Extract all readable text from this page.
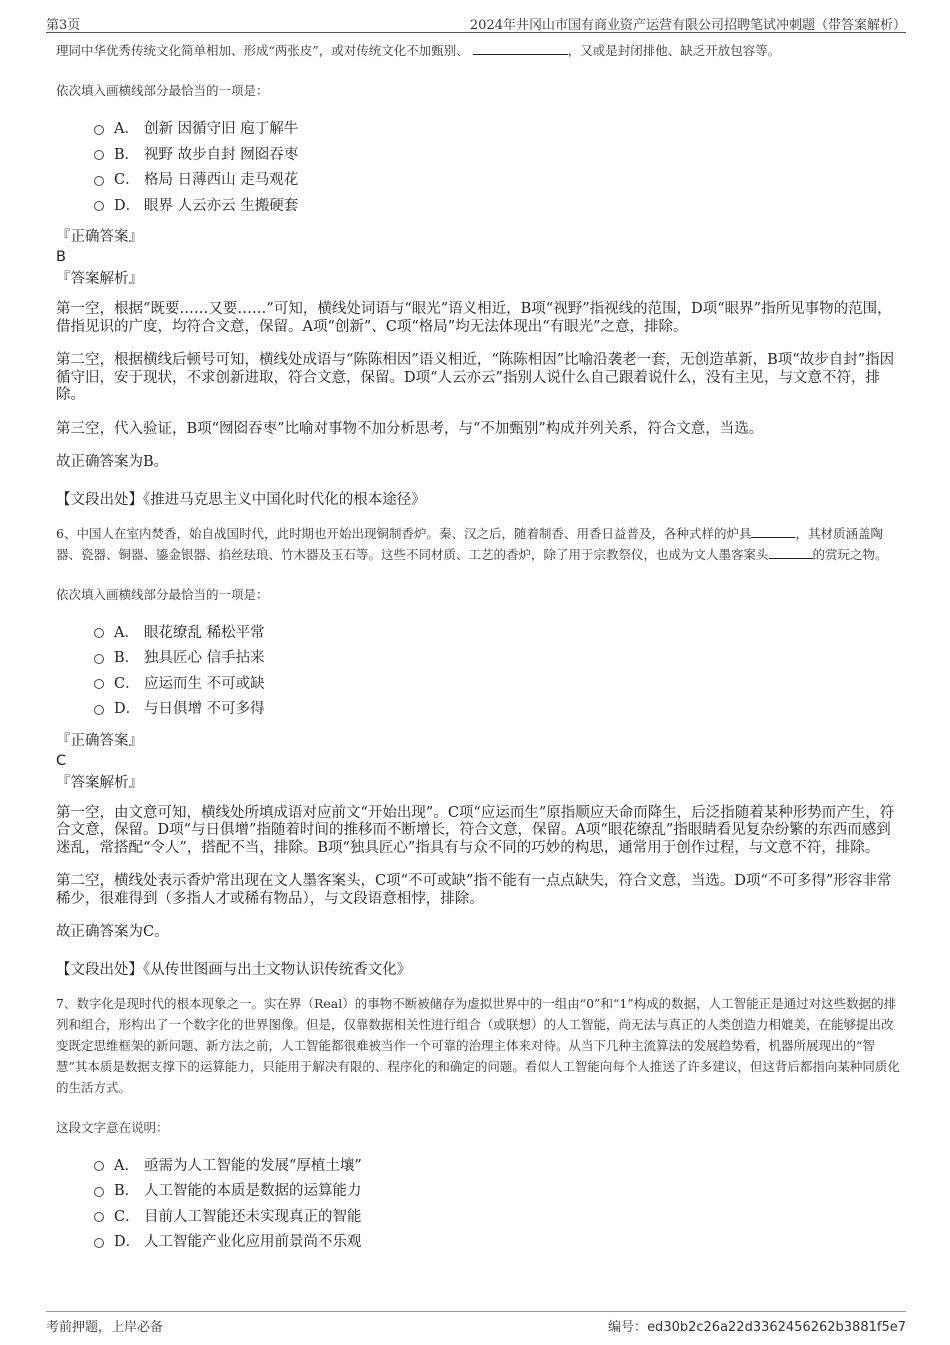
第3页	2024年井冈山市国有商业资产运营有限公司招聘笔试冲刺题（带答案解析）

理同中华优秀传统文化简单相加、形成“两张皮”，或对传统文化不加甄别、	，又或是封闭排他、缺乏开放包容等。

依次填入画横线部分最恰当的一项是：

A． 创新 因循守旧 庖丁解牛
B． 视野 故步自封 囫囵吞枣
C． 格局 日薄西山 走马观花
D． 眼界 人云亦云 生搬硬套
『正确答案』
B
『答案解析』

第一空，根据“既要……又要……”可知，横线处词语与“眼光”语义相近，B项“视野”指视线的范围，D项“眼界”指所见事物的范围，借指见识的广度，均符合文意，保留。A项“创新”、C项“格局”均无法体现出“有眼光”之意，排除。

第二空，根据横线后顿号可知，横线处成语与“陈陈相因”语义相近，“陈陈相因”比喻沿袭老一套，无创造革新，B项“故步自封”指因循守旧，安于现状，不求创新进取，符合文意，保留。D项“人云亦云”指别人说什么自己跟着说什么，没有主见，与文意不符，排除。

第三空，代入验证，B项“囫囵吞枣”比喻对事物不加分析思考，与“不加甄别”构成并列关系，符合文意，当选。

故正确答案为B。

【文段出处】《推进马克思主义中国化时代化的根本途径》

6、中国人在室内焚香，始自战国时代，此时期也开始出现铜制香炉。秦、汉之后，随着制香、用香日益普及，各种式样的炉具	，其材质涵盖陶器、瓷器、铜器、鎏金银器、掐丝珐琅、竹木器及玉石等。这些不同材质、工艺的香炉，除了用于宗教祭仪，也成为文人墨客案头	的赏玩之物。

依次填入画横线部分最恰当的一项是：

A． 眼花缭乱 稀松平常
B． 独具匠心 信手拈来
C． 应运而生 不可或缺
D． 与日俱增 不可多得
『正确答案』
C
『答案解析』

第一空，由文意可知，横线处所填成语对应前文“开始出现”。C项“应运而生”原指顺应天命而降生，后泛指随着某种形势而产生，符合文意，保留。D项“与日俱增”指随着时间的推移而不断增长，符合文意，保留。A项“眼花缭乱”指眼睛看见复杂纷繁的东西而感到迷乱，常搭配“令人”，搭配不当，排除。B项“独具匠心”指具有与众不同的巧妙的构思，通常用于创作过程，与文意不符，排除。

第二空，横线处表示香炉常出现在文人墨客案头，C项“不可或缺”指不能有一点点缺失，符合文意，当选。D项“不可多得”形容非常稀少，很难得到（多指人才或稀有物品），与文段语意相悖，排除。

故正确答案为C。

【文段出处】《从传世图画与出土文物认识传统香文化》

7、数字化是现时代的根本现象之一。实在界（Real）的事物不断被储存为虚拟世界中的一组由“0”和“1”构成的数据，人工智能正是通过对这些数据的排列和组合，形构出了一个数字化的世界图像。但是，仅靠数据相关性进行组合（或联想）的人工智能，尚无法与真正的人类创造力相媲美，在能够提出改变既定思维框架的新问题、新方法之前，人工智能都很难被当作一个可靠的治理主体来对待。从当下几种主流算法的发展趋势看，机器所展现出的“智慧”其本质是数据支撑下的运算能力，只能用于解决有限的、程序化的和确定的问题。看似人工智能向每个人推送了许多建议，但这背后都指向某种同质化的生活方式。

这段文字意在说明：

A． 亟需为人工智能的发展“厚植土壤”
B． 人工智能的本质是数据的运算能力
C． 目前人工智能还未实现真正的智能
D． 人工智能产业化应用前景尚不乐观
考前押题，上岸必备	编号：ed30b2c26a22d3362456262b3881f5e7
